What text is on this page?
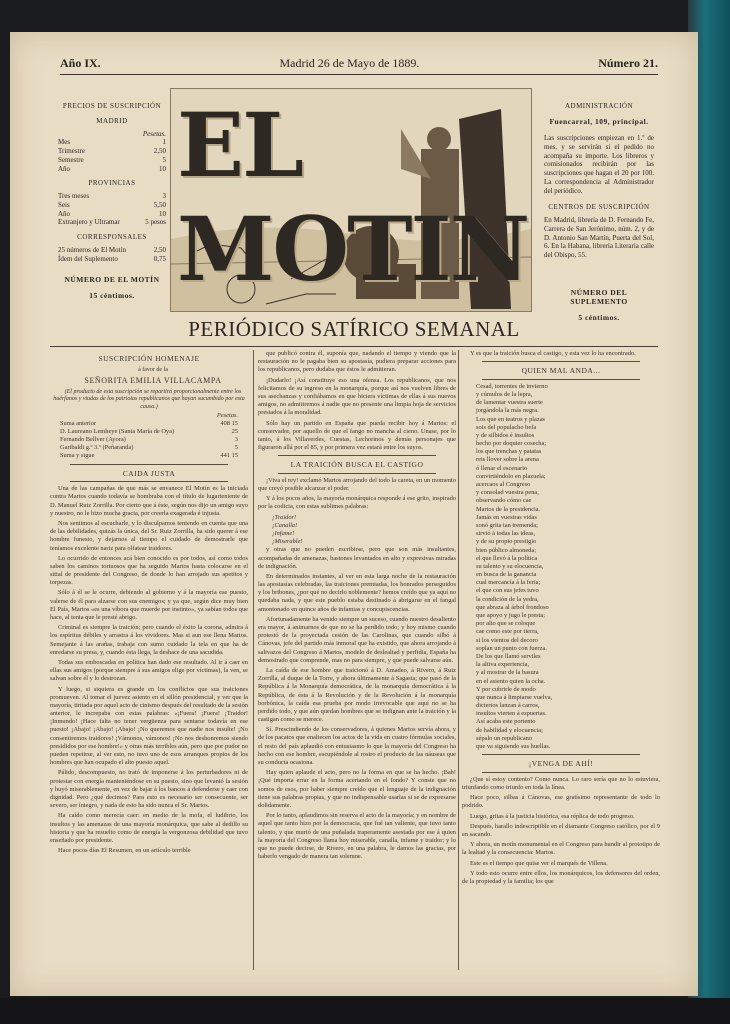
Año IX.	Madrid 26 de Mayo de 1889.	Número 21.
PRECIOS DE SUSCRIPCIÓN
MADRID
Pesetas.
Mes	1
Trimestre	2,50
Semestre	5
Año	10
PROVINCIAS
Tres meses	3
Seis	5,50
Año	10
Extranjero y Ultramar	5 pesos
CORRESPONSALES
25 números de El Motín	2,50
Ídem del Suplemento	0,75
NÚMERO DE EL MOTÍN
15 céntimos.
EL MOTIN
ADMINISTRACIÓN
Fuencarral, 109, principal.
Las suscripciones empiezan en 1.º de mes, y se servirán si el pedido no acompaña su importe. Los libreros y comisionados recibirán por las suscripciones que hagan el 20 por 100. La correspondencia al Administrador del periódico.
CENTROS DE SUSCRIPCIÓN
En Madrid, librería de D. Fernando Fe, Carrera de San Jerónimo, núm. 2, y de D. Antonio San Martín, Puerta del Sol, 6. En la Habana, librería Literaria calle del Obispo, 55.
NÚMERO DEL SUPLEMENTO
5 céntimos.
PERIÓDICO SATÍRICO SEMANAL
SUSCRIPCIÓN HOMENAJE

á favor de la

SEÑORITA EMILIA VILLACAMPA

(El producto de esta suscripción se repartirá proporcionalmente entre los huérfanos y viudas de los patriotas republicanos que hayan sucumbido por esta causa.)

Pesetas.
Suma anterior	408 15
D. Laureano Lemheye (Santa María de Oya)	25
Fernando Bellver (Ayora)	3
Garibaldi g.º 3.º (Peñaranda)	5
Suma y sigue	441 15
CAIDA JUSTA

Una de las campañas de que más se envanece El Motín es la iniciada contra Martos cuando todavía se hombraba con el título de lugarteniente de D. Manuel Ruiz Zorrilla. Por cierto que á éste, según nos dijo un amigo suyo y nuestro, no le hizo mucha gracia, por creerla exagerada é injusta.

Nos sentimos al escucharle, y lo disculpamos teniendo en cuenta que una de las debilidades, quizás la única, del Sr. Ruiz Zorrilla, ha sido querer á ese hombre funesto, y dejarnos al tiempo el cuidado de demostrarle que teníamos excelente nariz para olfatear traidores.

Lo ocurrido de entonces acá bien conocido es por todos, así como todos saben los caminos tortuosos que ha seguido Martos hasta colocarse en el sitial de presidente del Congreso, de donde lo han arrojado sus apetitos y torpezas.

Sólo á él se le ocurre, debiendo al gobierno y á la mayoría ese puesto, valerse de él para alzarse con sus enemigos; y ya que, según dice muy bien El País, Martos «es una víbora que muerde por instinto», ya sabían todos que hace, al tenia que le presté abrigo.

Criminal es siempre la traición; pero cuando el éxito la corona, admira á los espíritus débiles y arrastra á los vividores. Mas si aun ese llena Martos. Semejante á las arañas, trabaja con sumo cuidado la tela en que ha de enredarse su presa, y, cuando ésta llega, la deshace de una sacudida.

Todas sus emboscadas en política han dado ese resultado. Al ir á caer en ellas sus amigos (porque siempre á sus amigos elige por víctimas), la ven, se salvan sobre él y lo destrozan.

Y luego, si siquiera es grande en los conflictos que sus traiciones promueven. Al tomar el juevez asiento en el sillón presidencial, y ver que la mayoría, tiritada por aquel acto de cinismo después del resultado de la sesión anterior, le increpaba con estas palabras: «¡Fuera! ¡Fuera! ¡Traidor! ¡Inmundo! ¡Hace falta no tener vergüenza para sentarse todavía en ese puesto! ¡Abajo! ¡Abajo! ¡Abajo! ¡No queremos que nadie nos insulte! ¡No consentiremos traidores! ¡Vámonos, vámonos! ¡No nos deshonremos siendo presididos por ese hombre!» y otras más terribles aún, pero que por pudor no pueden repetirse, al ver esto, no tuvo uno de esos arranques propios de los hombres que han ocupado el alto puesto aquel.

Pálido, descompuesto, no trató de imponerse á los perturbadores ni de protestar con energía manteniéndose en su puesto, sino que levantó la sesión y huyó miserablemente, en vez de bajar á los bancos á defenderse y caer con dignidad. Pero ¿qué decimos? Para esto es necesario ser consecuente, ser severo, ser íntegro, y nada de esto ha sido nunca el Sr. Martos.

Ha caído como merecía caer: en medio de la mofa, el ludibrio, los insultos y las amenazas de una mayoría monárquica, que sabe al dedillo su historia y que ha resuelto como de energía la vergonzosa debilidad que tuvo enseñado por presidente.

Hace pocos días El Resumen, en un artículo terrible

que publicó contra él, suponía que, nadando el tiempo y viendo que la restauración no le pagaba bien su apostasía, pudiera preparar acciones para los republicanos, pero dudaba que éstos le admitieran.

¡Dudarlo! ¡Así constituye eso una ofensa. Los republicanos, que nos felicitamos de su ingreso en la monarquía, porque así nos vuelven libres de sus asechanzas y confiábamos en que hiciera víctimas de ellas á sus nuevos amigos, no admitiremos á nadie que no presente una limpia hoja de servicios prestados á la moralidad.

Sólo hay un partido en España que pueda recibir hoy á Martos: el conservador, por aquello de que el fango no mancha al cieno. Unase, por lo tanto, á los Villaverdes, Cuestas, Lechorinos y demás personajes que figuraron allá por el 85, y por primera vez estará entre los suyos.

LA TRAICIÓN BUSCA EL CASTIGO

¡Viva el rey! exclamó Martos arrojando del todo la careta, en un momento que creyó posible alcanzar el poder.

Y á los pocos años, la mayoría monárquica responde á ese grito, inspirado por la codicia, con estas sublimes palabras:

¡Traidor!

¡Canalla!

¡Infame!

¡Miserable!

y otras que no pueden escribirse, pero que son más insultantes, acompañadas de amenazas, bastones levantados en alto y expresivas miradas de indignación.

En determinados instantes, al ver en esta larga noche de la restauración las apostasías celebradas, las traiciones premiadas, los honrados perseguidos y los bribones, ¿por qué no decirlo noblemente? hemos creído que ya aquí no quedaba nada, y que este pueblo estaba destinado á abrigarse en el fangal amontonado en quince años de infamias y concupiscencias.

Afortunadamente ha venido siempre un suceso, cuando nuestro desaliento era mayor, á animarnos de que no se ha perdido todo; y hoy mismo cuando protestó de la proyectada cesión de las Carolinas, que cuando silbó á Cánovas, jefe del partido más inmoral que ha existido, que ahora arrojando á salivazos del Congreso á Martos, modelo de deslealtad y perfidia, España ha demostrado que comprende, mas no para siempre, y que puede salvarse aún.

La caída de ese hombre que traicionó á D. Amadeo, á Rivero, á Ruiz Zorrilla, al duque de la Torre, y ahora últimamente á Sagasta; que pasó de la República á la Monarquía democrática, de la monarquía democrática á la República, de ésta á la Revolución y de la Revolución á la monarquía borbónica, la caída esa prueba por modo irrevocable que aquí no se ha perdido todo, y que aún quedan hombres que se indignan ante la traición y la castigan como se merece.

Sí. Prescindiendo de los conservadores, á quienes Martos servía ahora, y de los pacatos que enaltecen los actos de la vida en cuatro fórmulas sociales, el resto del país aplaudió con entusiasmo lo que la mayoría del Congreso ha hecho con ese hombre, escupiéndole al rostro el producto de las náuseas que su conducta ocasiona.

Hay quien aplaude el acto, pero no la forma en que se ha hecho. ¡Bah! ¡Qué importa errar en la forma acertando en el fondo? Y conste que no somos de esos, por haber siempre creído que el lenguaje de la indignación tiene sus palabras propias, y que no indispensable usarlas si se de expresarse dolidamente.

Por lo tanto, aplaudimos sin reserva el acto de la mayoría; y en nombre de aquel que tanto hizo por la democracia, que fué tan valiente, que tuvo tanto talento, y que murió de una puñalada traperamente asestada por ese á quien la mayoría del Congreso llama hoy miserable, canalla, infame y traidor; y lo que no puede decirse, de Rivero, en una palabra, le damos las gracias, por haberlo vengado de manera tan solemne.

Y es que la traición busca el castigo, y esta vez lo ha encontrado.

QUIEN MAL ANDA...

Cesad, torrentes de invierno

y cúmulos de la lepra,

de lamentar vuestra suerte

jorgándola la más negra.

Los que en teatros y plazas

sois del populacho befa

y de silbidos é insultos

hecho por doquier cosecha;

los que trenchas y patatas

reis llover sobre la arena

ó llenar el escenario

convirtiéndolo en plazuela;

acercaos al Congreso

y consolad vuestra pena,

observando cómo cae

Martos de la presidencia.

Jamás en vuestras vidas

sonó grita tan tremenda;

sirvió á todas las ideas,

y de su propio prestigio

bien público almoneda;

el que llevó á la política

su talento y su elocuencia,

en busca de la ganancia

cual mercancía á la feria;

el que con sus jefes tuvo

la condición de la yedra,

que abraza al árbol frondoso

que apoyo y jugo le presta;

por alto que se coloque

cae como este por tierra,

si los vientos del decoro

soplan un punto con fuerza.

De los que llamó serviles

la altiva experiencia,

y al mostrar de la basura

en el asiento quien la ocha.

Y por cubrirle de modo

que nunca á limpiarse vuelva,

dicterios lanzan á carros,

insultos vierten á espuertas.

Así acaba este portento

de habilidad y elocuencia;

sépalo un republicano

que va siguiendo sus huellas.

¡VENGA DE AHÍ!

¿Que sí estoy contento? Como nunca. Lo raro sería que no lo estuviera, triunfando como triunfo en toda la línea.

Hace poco, silbas á Cánovas, ese gratísimo representante de todo lo podrido.

Luego, gritas á la justicia histórica, esa réplica de todo progreso.

Después, harallo indescriptible en el diamante Congreso católico, por el 9 en sacando.

Y ahora, un motín monumental en el Congreso para hundir al prototipo de la lealtad y la consecuencia: Martos.

Este es el tiempo que quise ver el marqués de Villena.

Y todo esto ocurre entre ellos, los monárquicos, los defensores del orden, de la propiedad y la familia; los que
